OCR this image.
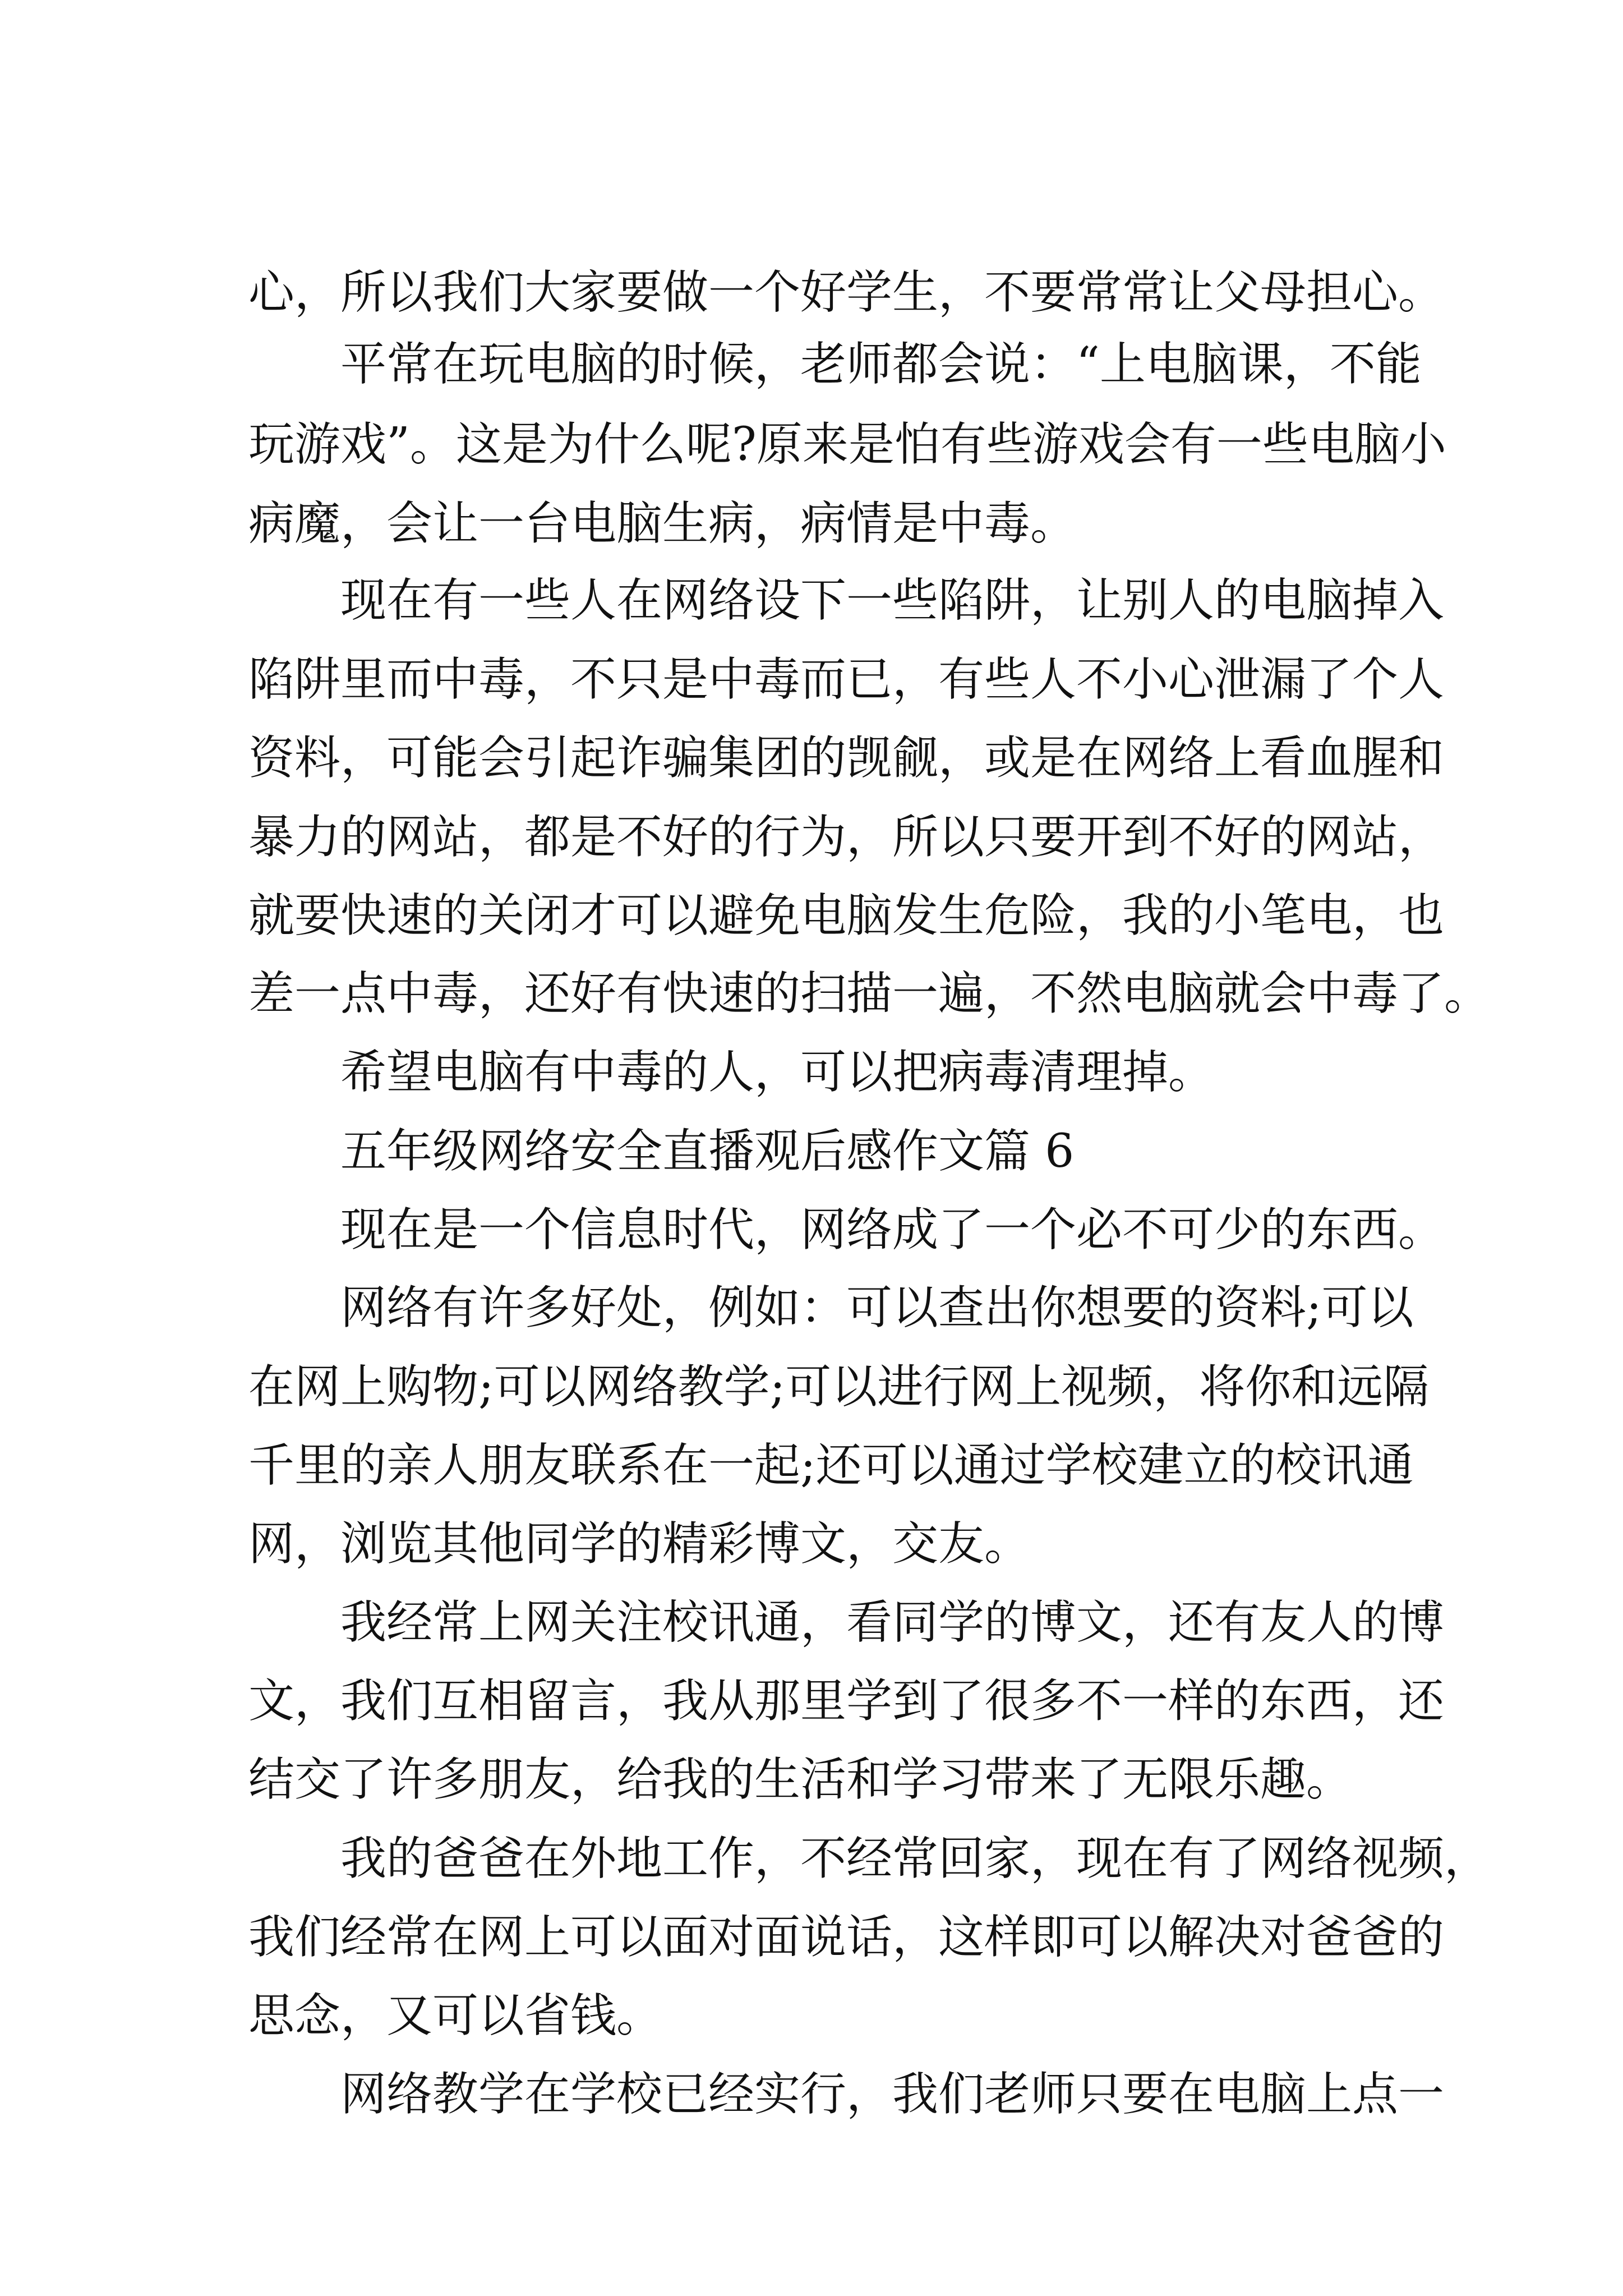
心，所以我们大家要做一个好学生，不要常常让父母担心。

平常在玩电脑的时候，老师都会说：“上电脑课，不能

玩游戏”。这是为什么呢?原来是怕有些游戏会有一些电脑小

病魔，会让一台电脑生病，病情是中毒。

现在有一些人在网络设下一些陷阱，让别人的电脑掉入

陷阱里而中毒，不只是中毒而已，有些人不小心泄漏了个人

资料，可能会引起诈骗集团的觊觎，或是在网络上看血腥和

暴力的网站，都是不好的行为，所以只要开到不好的网站，

就要快速的关闭才可以避免电脑发生危险，我的小笔电，也

差一点中毒，还好有快速的扫描一遍，不然电脑就会中毒了。

希望电脑有中毒的人，可以把病毒清理掉。

五年级网络安全直播观后感作文篇 6

现在是一个信息时代，网络成了一个必不可少的东西。

网络有许多好处，例如：可以查出你想要的资料;可以

在网上购物;可以网络教学;可以进行网上视频，将你和远隔

千里的亲人朋友联系在一起;还可以通过学校建立的校讯通

网，浏览其他同学的精彩博文，交友。

我经常上网关注校讯通，看同学的博文，还有友人的博

文，我们互相留言，我从那里学到了很多不一样的东西，还

结交了许多朋友，给我的生活和学习带来了无限乐趣。

我的爸爸在外地工作，不经常回家，现在有了网络视频，

我们经常在网上可以面对面说话，这样即可以解决对爸爸的

思念，又可以省钱。

网络教学在学校已经实行，我们老师只要在电脑上点一
